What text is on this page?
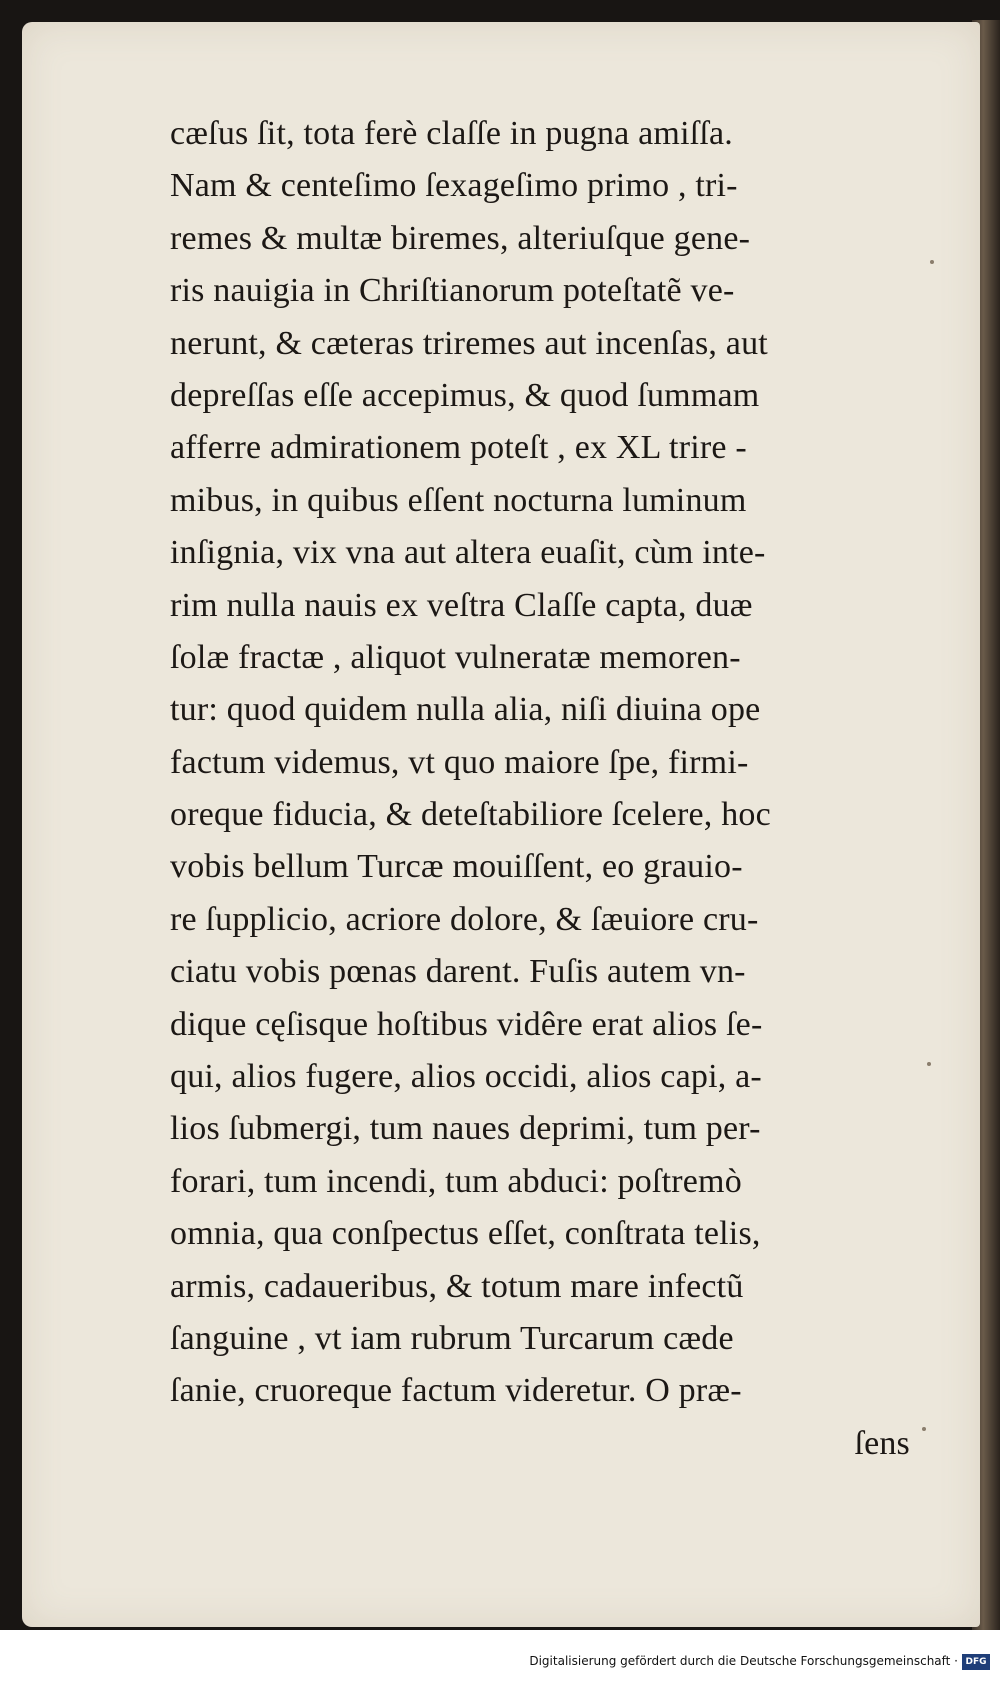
cæſus ſit, tota ferè claſſe in pugna amiſſa.
Nam & centeſimo ſexageſimo primo , tri-
remes & multæ biremes, alteriuſque gene-
ris nauigia in Chriſtianorum poteſtatẽ ve-
nerunt, & cæteras triremes aut incenſas, aut
depreſſas eſſe accepimus, & quod ſummam
afferre admirationem poteſt , ex XL trire -
mibus, in quibus eſſent nocturna luminum
inſignia, vix vna aut altera euaſit, cùm inte-
rim nulla nauis ex veſtra Claſſe capta, duæ
ſolæ fractæ , aliquot vulneratæ memoren-
tur: quod quidem nulla alia, niſi diuina ope
factum videmus, vt quo maiore ſpe, firmi-
oreque fiducia, & deteſtabiliore ſcelere, hoc
vobis bellum Turcæ mouiſſent, eo grauio-
re ſupplicio, acriore dolore, & ſæuiore cru-
ciatu vobis pœnas darent. Fuſis autem vn-
dique cęſisque hoſtibus vidêre erat alios ſe-
qui, alios fugere, alios occidi, alios capi, a-
lios ſubmergi, tum naues deprimi, tum per-
forari, tum incendi, tum abduci: poſtremò
omnia, qua conſpectus eſſet, conſtrata telis,
armis, cadaueribus, & totum mare infectũ
ſanguine , vt iam rubrum Turcarum cæde
ſanie, cruoreque factum videretur. O præ-
ſens
Digitalisierung gefördert durch die Deutsche Forschungsgemeinschaft · DFG
